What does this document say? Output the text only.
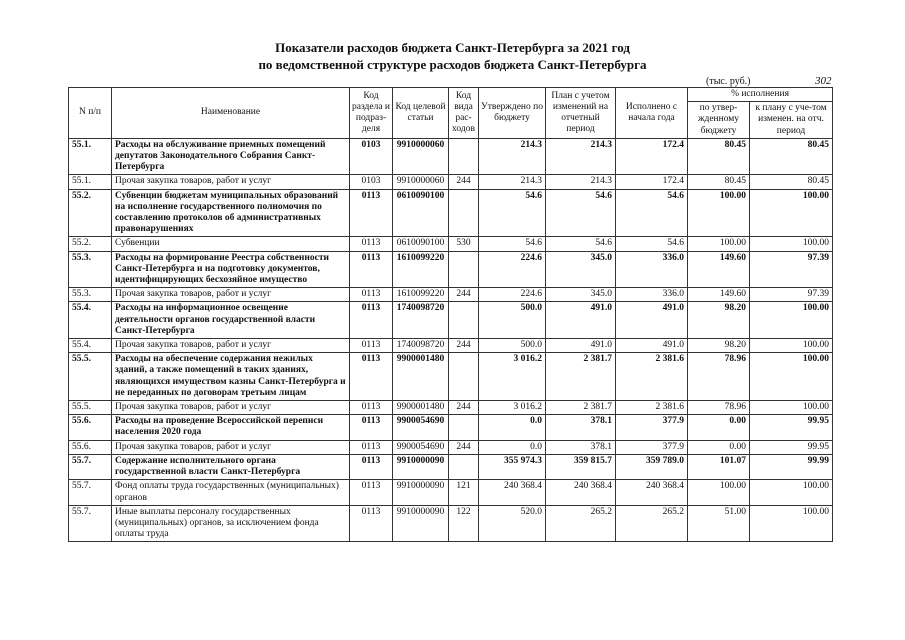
Показатели расходов бюджета Санкт-Петербурга за 2021 год
по ведомственной структуре расходов бюджета Санкт-Петербурга
(тыс. руб.)	302
N п/п	Наименование	Код раздела и подраз-деля	Код целевой статьи	Код вида рас-ходов	Утверждено по бюджету	План с учетом изменений на отчетный период	Исполнено с начала года	% исполнения	
								по утвер-жденному бюджету	к плану с уче-том изменен. на отч. период
55.1.	Расходы на обслуживание приемных помещений депутатов Законодательного Собрания Санкт-Петербурга	0103	9910000060		214.3	214.3	172.4	80.45	80.45
55.1.	Прочая закупка товаров, работ и услуг	0103	9910000060	244	214.3	214.3	172.4	80.45	80.45
55.2.	Субвенции бюджетам муниципальных образований на исполнение государственного полномочия по составлению протоколов об административных правонарушениях	0113	0610090100		54.6	54.6	54.6	100.00	100.00
55.2.	Субвенции	0113	0610090100	530	54.6	54.6	54.6	100.00	100.00
55.3.	Расходы на формирование Реестра собственности Санкт-Петербурга и на подготовку документов, идентифицирующих бесхозяйное имущество	0113	1610099220		224.6	345.0	336.0	149.60	97.39
55.3.	Прочая закупка товаров, работ и услуг	0113	1610099220	244	224.6	345.0	336.0	149.60	97.39
55.4.	Расходы на информационное освещение деятельности органов государственной власти Санкт-Петербурга	0113	1740098720		500.0	491.0	491.0	98.20	100.00
55.4.	Прочая закупка товаров, работ и услуг	0113	1740098720	244	500.0	491.0	491.0	98.20	100.00
55.5.	Расходы на обеспечение содержания нежилых зданий, а также помещений в таких зданиях, являющихся имуществом казны Санкт-Петербурга и не переданных по договорам третьим лицам	0113	9900001480		3 016.2	2 381.7	2 381.6	78.96	100.00
55.5.	Прочая закупка товаров, работ и услуг	0113	9900001480	244	3 016.2	2 381.7	2 381.6	78.96	100.00
55.6.	Расходы на проведение Всероссийской переписи населения 2020 года	0113	9900054690		0.0	378.1	377.9	0.00	99.95
55.6.	Прочая закупка товаров, работ и услуг	0113	9900054690	244	0.0	378.1	377.9	0.00	99.95
55.7.	Содержание исполнительного органа государственной власти Санкт-Петербурга	0113	9910000090		355 974.3	359 815.7	359 789.0	101.07	99.99
55.7.	Фонд оплаты труда государственных (муниципальных) органов	0113	9910000090	121	240 368.4	240 368.4	240 368.4	100.00	100.00
55.7.	Иные выплаты персоналу государственных (муниципальных) органов, за исключением фонда оплаты труда	0113	9910000090	122	520.0	265.2	265.2	51.00	100.00
